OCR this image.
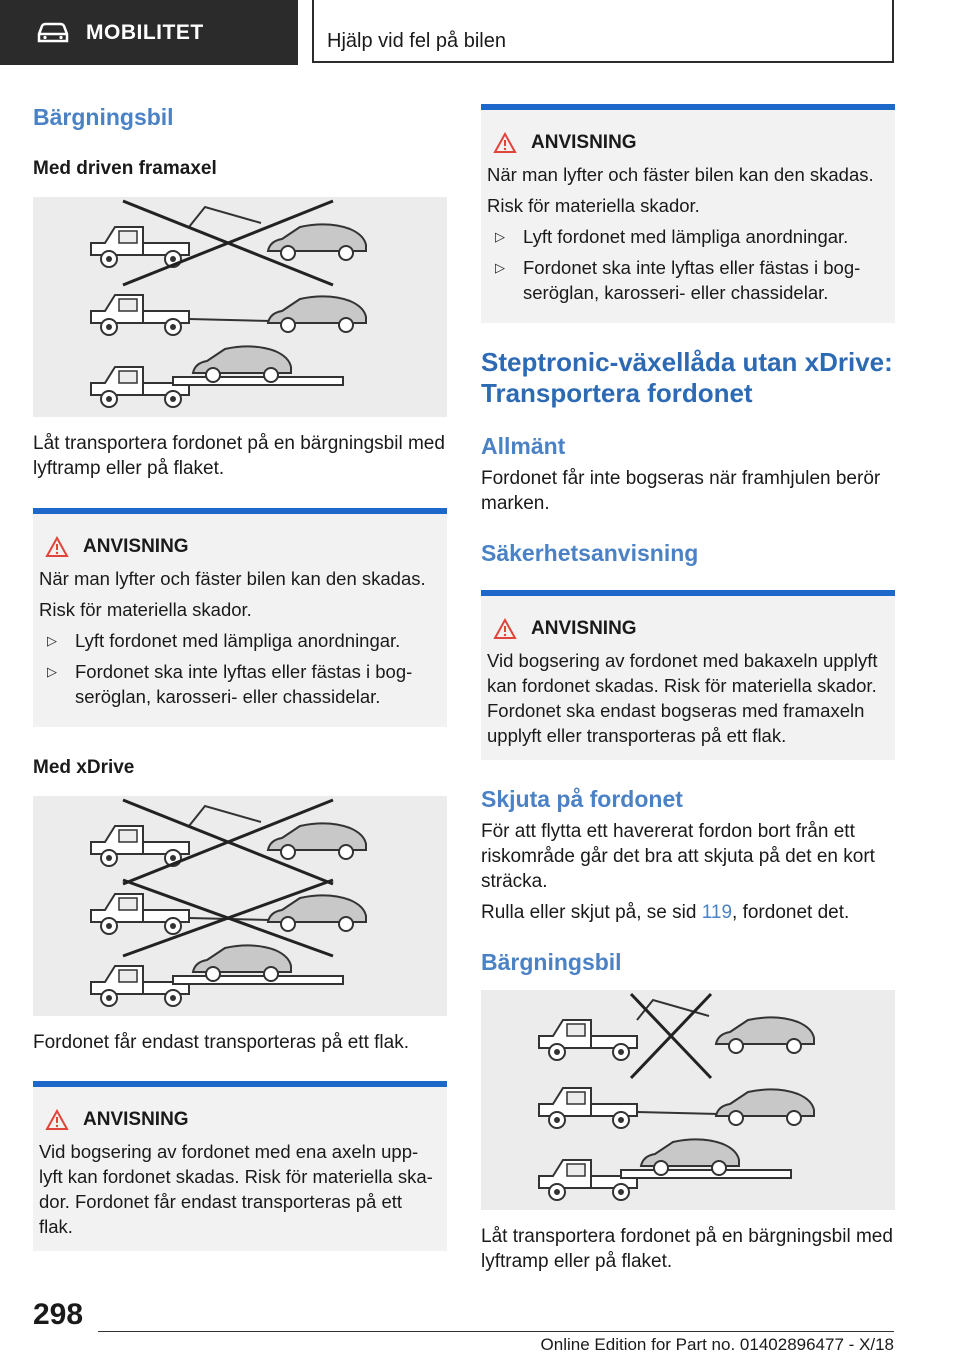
MOBILITET	Hjälp vid fel på bilen
Bärgningsbil
Med driven framaxel

Låt transportera fordonet på en bärgningsbil med lyftramp eller på flaket.

ANVISNING

När man lyfter och fäster bilen kan den skadas.

Risk för materiella skador.

▷ Lyft fordonet med lämpliga anordningar.
▷ Fordonet ska inte lyftas eller fästas i bog-seröglan, karosseri- eller chassidelar.
Med xDrive

Fordonet får endast transporteras på ett flak.

ANVISNING

Vid bogsering av fordonet med ena axeln upp-lyft kan fordonet skadas. Risk för materiella ska-dor. Fordonet får endast transporteras på ett flak.

ANVISNING

När man lyfter och fäster bilen kan den skadas.

Risk för materiella skador.

▷ Lyft fordonet med lämpliga anordningar.
▷ Fordonet ska inte lyftas eller fästas i bog-seröglan, karosseri- eller chassidelar.
Steptronic-växellåda utan xDrive: Transportera fordonet
Allmänt

Fordonet får inte bogseras när framhjulen berör marken.

Säkerhetsanvisning
ANVISNING

Vid bogsering av fordonet med bakaxeln upplyft kan fordonet skadas. Risk för materiella skador. Fordonet ska endast bogseras med framaxeln upplyft eller transporteras på ett flak.

Skjuta på fordonet

För att flytta ett havererat fordon bort från ett riskområde går det bra att skjuta på det en kort sträcka.

Rulla eller skjut på, se sid 119, fordonet det.

Bärgningsbil

Låt transportera fordonet på en bärgningsbil med lyftramp eller på flaket.

298
Online Edition for Part no. 01402896477 - X/18
